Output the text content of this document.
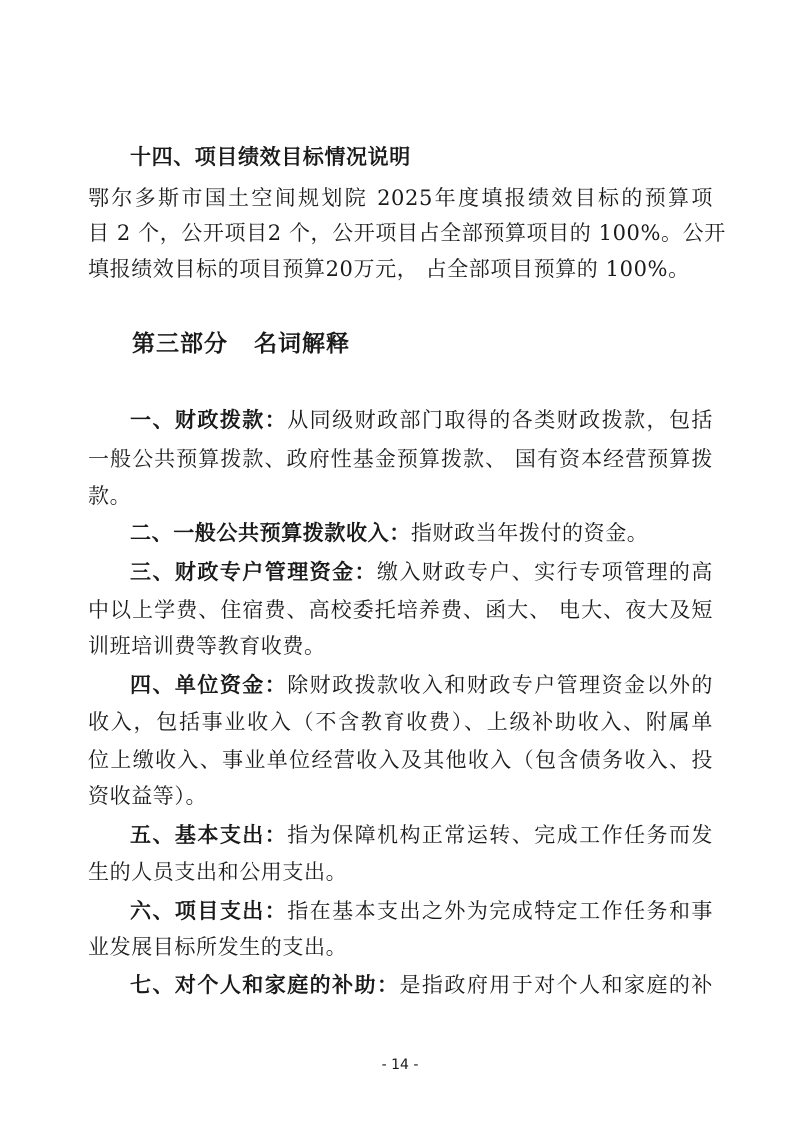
十四、项目绩效目标情况说明
鄂尔多斯市国土空间规划院 2025年度填报绩效目标的预算项
目 2 个，公开项目2 个，公开项目占全部预算项目的 100%。公开
填报绩效目标的项目预算20万元， 占全部项目预算的 100%。
第三部分 名词解释
一、财政拨款：从同级财政部门取得的各类财政拨款，包括
一般公共预算拨款、政府性基金预算拨款、 国有资本经营预算拨
款。
二、一般公共预算拨款收入：指财政当年拨付的资金。
三、财政专户管理资金：缴入财政专户、实行专项管理的高
中以上学费、住宿费、高校委托培养费、函大、 电大、夜大及短
训班培训费等教育收费。
四、单位资金：除财政拨款收入和财政专户管理资金以外的
收入，包括事业收入（不含教育收费）、上级补助收入、附属单
位上缴收入、事业单位经营收入及其他收入（包含债务收入、投
资收益等）。
五、基本支出：指为保障机构正常运转、完成工作任务而发
生的人员支出和公用支出。
六、项目支出：指在基本支出之外为完成特定工作任务和事
业发展目标所发生的支出。
七、对个人和家庭的补助：是指政府用于对个人和家庭的补
- 14 -
